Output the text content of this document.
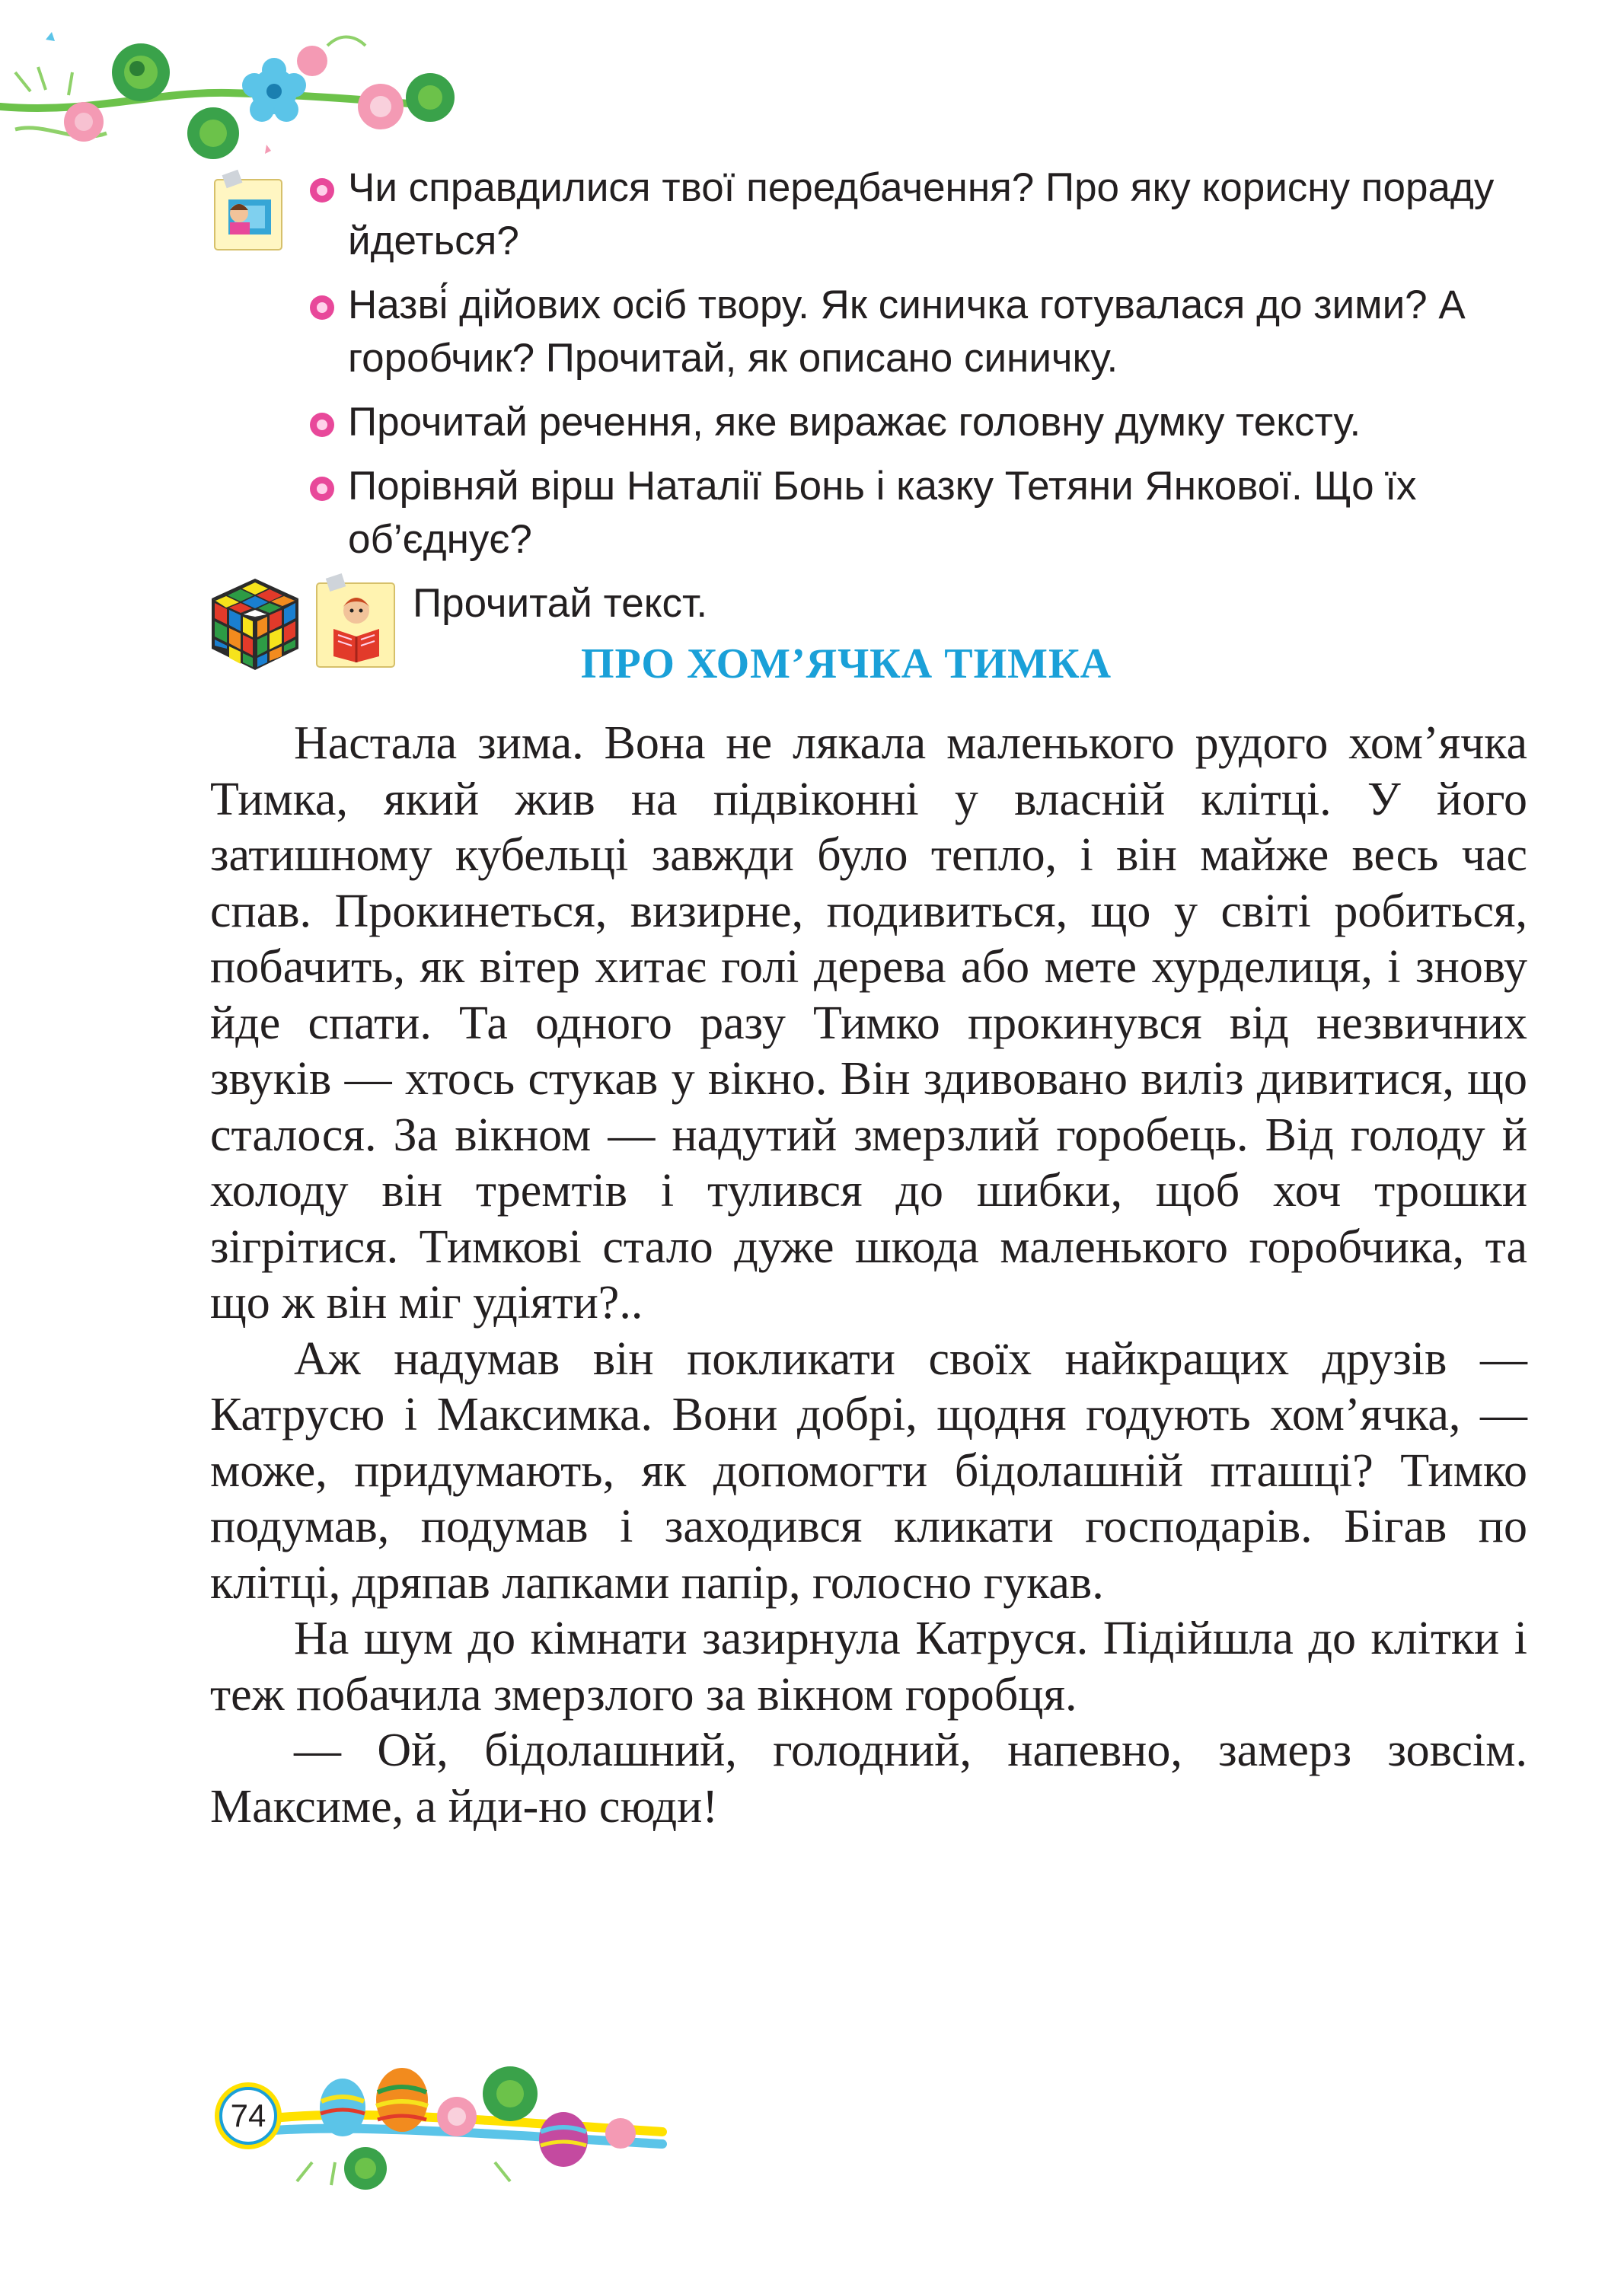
Чи справдилися твої передбачення? Про яку корисну пораду йдеться?
Назві́ дійових осіб твору. Як синичка готувалася до зими? А горобчик? Прочитай, як описано синичку.
Прочитай речення, яке виражає головну думку тексту.
Порівняй вірш Наталії Бонь і казку Тетяни Янкової. Що їх об’єднує?
Прочитай текст.
ПРО ХОМ’ЯЧКА ТИМКА

Настала зима. Вона не лякала маленького рудого хом’ячка Тимка, який жив на підвіконні у власній клітці. У його затишному кубельці завжди було тепло, і він майже весь час спав. Прокинеться, визирне, подивиться, що у світі робиться, побачить, як вітер хитає голі дерева або мете хурделиця, і знову йде спати. Та одного разу Тимко прокинувся від незвичних звуків — хтось стукав у вікно. Він здивовано виліз дивитися, що сталося. За вікном — надутий змерзлий горобець. Від голоду й холоду він тремтів і тулився до шибки, щоб хоч трошки зігрітися. Тимкові стало дуже шкода маленького горобчика, та що ж він міг удіяти?..

Аж надумав він покликати своїх найкращих друзів — Катрусю і Максимка. Вони добрі, щодня годують хом’ячка, — може, придумають, як допомогти бідолашній пташці? Тимко подумав, подумав і заходився кликати господарів. Бігав по клітці, дряпав лапками папір, голосно гукав.

На шум до кімнати зазирнула Катруся. Підійшла до клітки і теж побачила змерзлого за вікном горобця.

— Ой, бідолашний, голодний, напевно, замерз зовсім. Максиме, а йди-но сюди!

74
